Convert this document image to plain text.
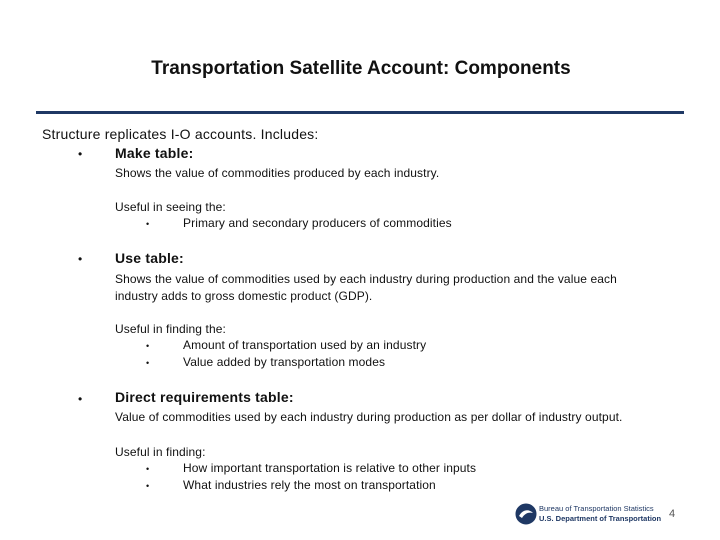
Transportation Satellite Account: Components
Structure replicates I-O accounts. Includes:
• Make table:
Shows the value of commodities produced by each industry.
Useful in seeing the:
•	Primary and secondary producers of commodities
• Use table:
Shows the value of commodities used by each industry during production and the value each
industry adds to gross domestic product (GDP).
Useful in finding the:
•	Amount of transportation used by an industry
•	Value added by transportation modes
• Direct requirements table:
Value of commodities used by each industry during production as per dollar of industry output.
Useful in finding:
•	How important transportation is relative to other inputs
•	What industries rely the most on transportation
Bureau of Transportation Statistics
U.S. Department of Transportation 4
